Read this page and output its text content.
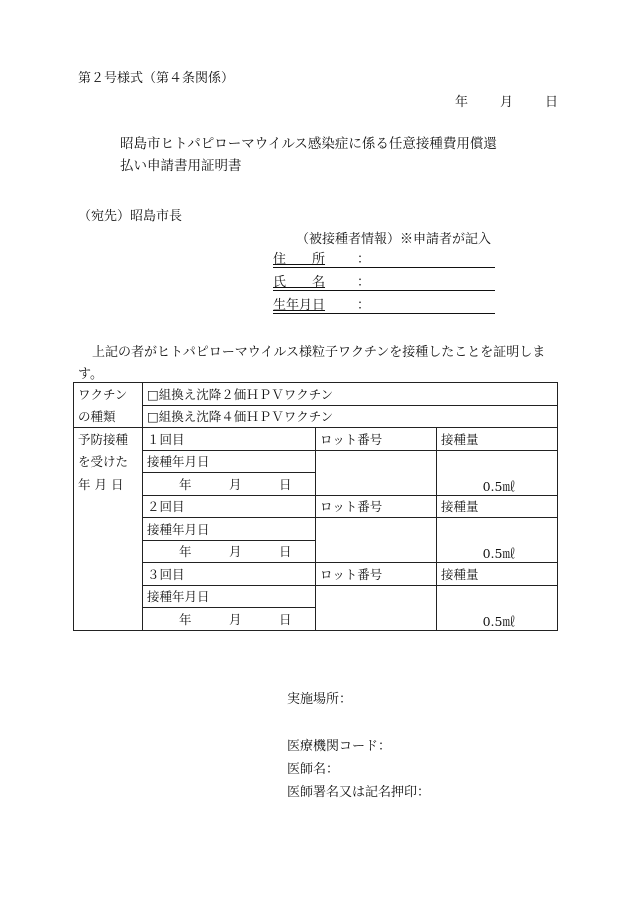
第２号様式（第４条関係）
年 月 日
昭島市ヒトパピローマウイルス感染症に係る任意接種費用償還
払い申請書用証明書
（宛先）昭島市長
（被接種者情報）※申請者が記入
住　　所 ：
氏　　名 ：
生年月日 ：
上記の者がヒトパピローマウイルス様粒子ワクチンを接種したことを証明します。
ワクチン	□組換え沈降２価ＨＰＶワクチン		
の種類	□組換え沈降４価ＨＰＶワクチン		
予防接種	１回目	ロット番号	接種量
を受けた	接種年月日		0.5㎖
年 月 日	年　　　月　　　日		
	２回目	ロット番号	接種量
	接種年月日		0.5㎖
	年　　　月　　　日		
	３回目	ロット番号	接種量
	接種年月日		0.5㎖
	年　　　月　　　日		
実施場所：
医療機関コード：
医師名：
医師署名又は記名押印：
